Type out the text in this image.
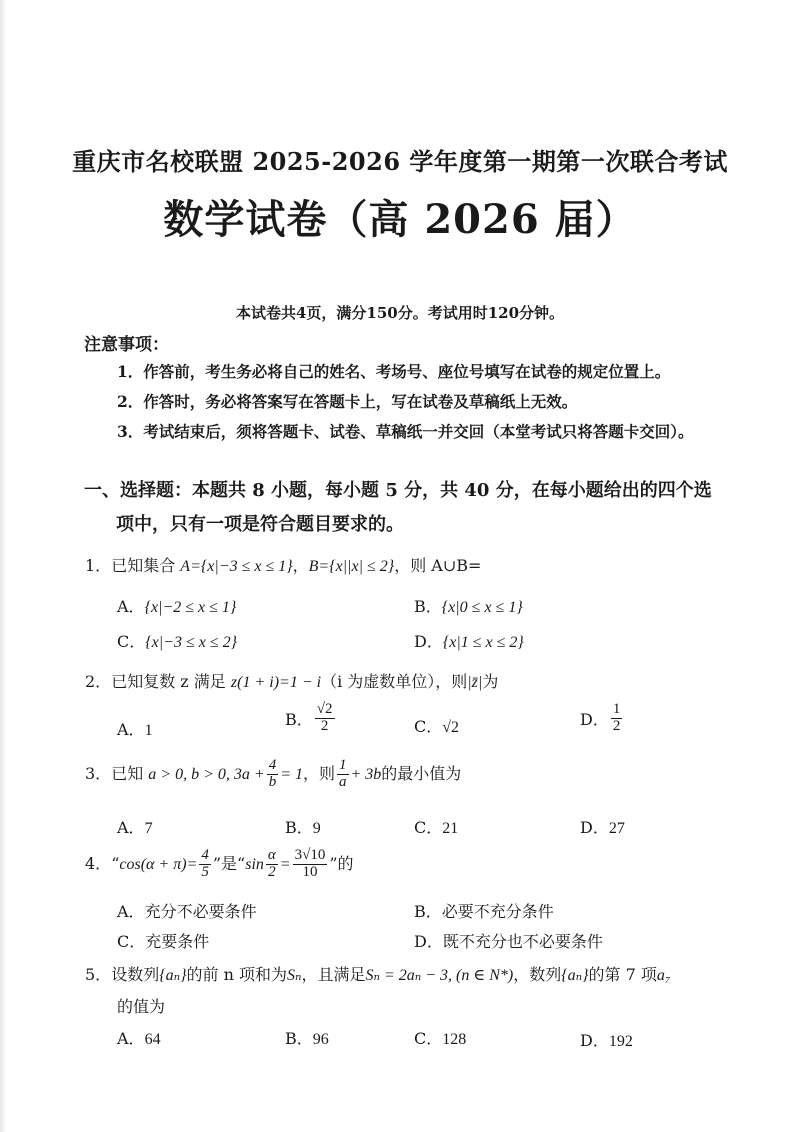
重庆市名校联盟 2025-2026 学年度第一期第一次联合考试
数学试卷（高 2026 届）
本试卷共4页，满分150分。考试用时120分钟。
注意事项：
1．作答前，考生务必将自己的姓名、考场号、座位号填写在试卷的规定位置上。
2．作答时，务必将答案写在答题卡上，写在试卷及草稿纸上无效。
3．考试结束后，须将答题卡、试卷、草稿纸一并交回（本堂考试只将答题卡交回）。
一、选择题：本题共 8 小题，每小题 5 分，共 40 分，在每小题给出的四个选
项中，只有一项是符合题目要求的。
1．已知集合 A={x|−3 ≤ x ≤ 1}，B={x||x| ≤ 2}，则 A∪B=
A．{x|−2 ≤ x ≤ 1}	B．{x|0 ≤ x ≤ 1}
C．{x|−3 ≤ x ≤ 2}	D．{x|1 ≤ x ≤ 2}
2．已知复数 z 满足 z(1 + i)=1 − i（i 为虚数单位），则|z̄|为
A．1
B． $\frac{√2}{2}$	C．√2	D． $\frac{1}{2}$
3．已知 a > 0, b > 0, $3a + \frac{4}{b} = 1$，则 $\frac{1}{a} + 3b$的最小值为
A．7	B．9	C．21	D．27
4．“$\cos(\alpha + \pi)= \frac{4}{5}$ ”是“$\sin \frac{\alpha}{2} = \frac{3√10}{10}$ ”的
A．充分不必要条件	B．必要不充分条件
C．充要条件	D．既不充分也不必要条件
5．设数列{aₙ}的前 n 项和为Sₙ，且满足Sₙ = 2aₙ − 3, (n ∈ N*)，数列{aₙ}的第 7 项a₇
的值为
A．64	B．96	C．128	D．192
